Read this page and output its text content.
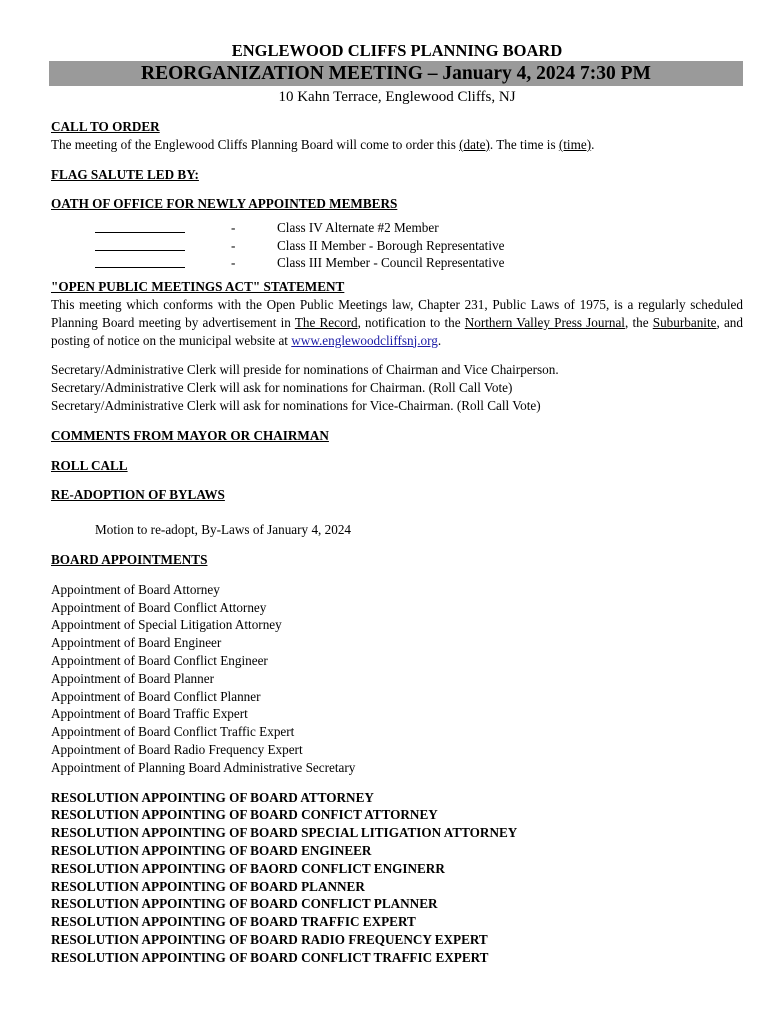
ENGLEWOOD CLIFFS PLANNING BOARD
REORGANIZATION MEETING – January 4, 2024 7:30 PM
10 Kahn Terrace, Englewood Cliffs, NJ
CALL TO ORDER
The meeting of the Englewood Cliffs Planning Board will come to order this (date). The time is (time).
FLAG SALUTE LED BY:
OATH OF OFFICE FOR NEWLY APPOINTED MEMBERS
-	Class IV Alternate #2 Member
-	Class II Member - Borough Representative
-	Class III Member - Council Representative
"OPEN PUBLIC MEETINGS ACT" STATEMENT
This meeting which conforms with the Open Public Meetings law, Chapter 231, Public Laws of 1975, is a regularly scheduled Planning Board meeting by advertisement in The Record, notification to the Northern Valley Press Journal, the Suburbanite, and posting of notice on the municipal website at www.englewoodcliffsnj.org.
Secretary/Administrative Clerk will preside for nominations of Chairman and Vice Chairperson.
Secretary/Administrative Clerk will ask for nominations for Chairman. (Roll Call Vote)
Secretary/Administrative Clerk will ask for nominations for Vice-Chairman. (Roll Call Vote)
COMMENTS FROM MAYOR OR CHAIRMAN
ROLL CALL
RE-ADOPTION OF BYLAWS
Motion to re-adopt, By-Laws of January 4, 2024
BOARD APPOINTMENTS
Appointment of Board Attorney
Appointment of Board Conflict Attorney
Appointment of Special Litigation Attorney
Appointment of Board Engineer
Appointment of Board Conflict Engineer
Appointment of Board Planner
Appointment of Board Conflict Planner
Appointment of Board Traffic Expert
Appointment of Board Conflict Traffic Expert
Appointment of Board Radio Frequency Expert
Appointment of Planning Board Administrative Secretary
RESOLUTION APPOINTING OF BOARD ATTORNEY
RESOLUTION APPOINTING OF BOARD CONFICT ATTORNEY
RESOLUTION APPOINTING OF BOARD SPECIAL LITIGATION ATTORNEY
RESOLUTION APPOINTING OF BOARD ENGINEER
RESOLUTION APPOINTING OF BAORD CONFLICT ENGINERR
RESOLUTION APPOINTING OF BOARD PLANNER
RESOLUTION APPOINTING OF BOARD CONFLICT PLANNER
RESOLUTION APPOINTING OF BOARD TRAFFIC EXPERT
RESOLUTION APPOINTING OF BOARD RADIO FREQUENCY EXPERT
RESOLUTION APPOINTING OF BOARD CONFLICT TRAFFIC EXPERT
